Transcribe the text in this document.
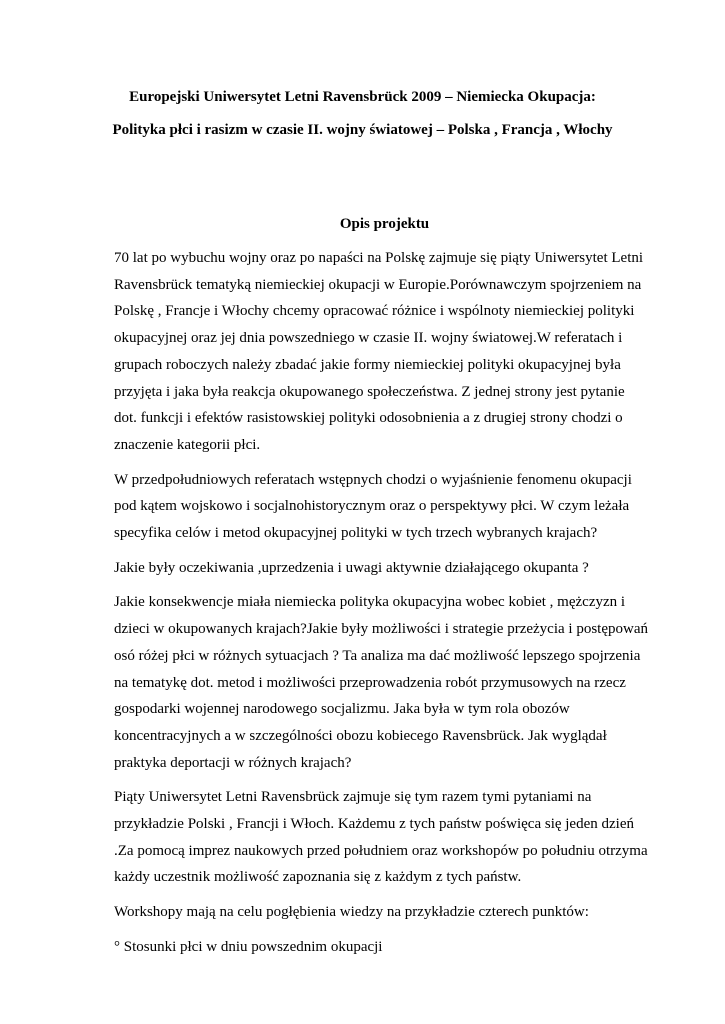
Europejski Uniwersytet Letni Ravensbrück 2009 – Niemiecka Okupacja:
Polityka płci i rasizm w czasie II. wojny światowej – Polska , Francja , Włochy
Opis projektu

70 lat po wybuchu wojny oraz po napaści na Polskę zajmuje się piąty Uniwersytet Letni
Ravensbrück tematyką niemieckiej okupacji w Europie.Porównawczym spojrzeniem na
Polskę , Francje i Włochy chcemy opracować różnice i wspólnoty niemieckiej polityki
okupacyjnej oraz jej dnia powszedniego w czasie II. wojny światowej.W referatach i
grupach roboczych należy zbadać jakie formy niemieckiej polityki okupacyjnej była
przyjęta i jaka była reakcja okupowanego społeczeństwa. Z jednej strony jest pytanie
dot. funkcji i efektów rasistowskiej polityki odosobnienia a z drugiej strony chodzi o
znaczenie kategorii płci.

W przedpołudniowych referatach wstępnych chodzi o wyjaśnienie fenomenu okupacji
pod kątem wojskowo i socjalnohistorycznym oraz o perspektywy płci. W czym leżała
specyfika celów i metod okupacyjnej polityki w tych trzech wybranych krajach?

Jakie były oczekiwania ,uprzedzenia i uwagi aktywnie działającego okupanta ?

Jakie konsekwencje miała niemiecka polityka okupacyjna wobec kobiet , mężczyzn i
dzieci w okupowanych krajach?Jakie były możliwości i strategie przeżycia i postępowań
osó różej płci w różnych sytuacjach ? Ta analiza ma dać możliwość lepszego spojrzenia
na tematykę dot. metod i możliwości przeprowadzenia robót przymusowych na rzecz
gospodarki wojennej narodowego socjalizmu. Jaka była w tym rola obozów
koncentracyjnych a w szczególności obozu kobiecego Ravensbrück. Jak wyglądał
praktyka deportacji w różnych krajach?

Piąty Uniwersytet Letni Ravensbrück zajmuje się tym razem tymi pytaniami na
przykładzie Polski , Francji i Włoch. Każdemu z tych państw poświęca się jeden dzień
.Za pomocą imprez naukowych przed południem oraz workshopów po południu otrzyma
każdy uczestnik możliwość zapoznania się z każdym z tych państw.

Workshopy mają na celu pogłębienia wiedzy na przykładzie czterech punktów:

° Stosunki płci w dniu powszednim okupacji
